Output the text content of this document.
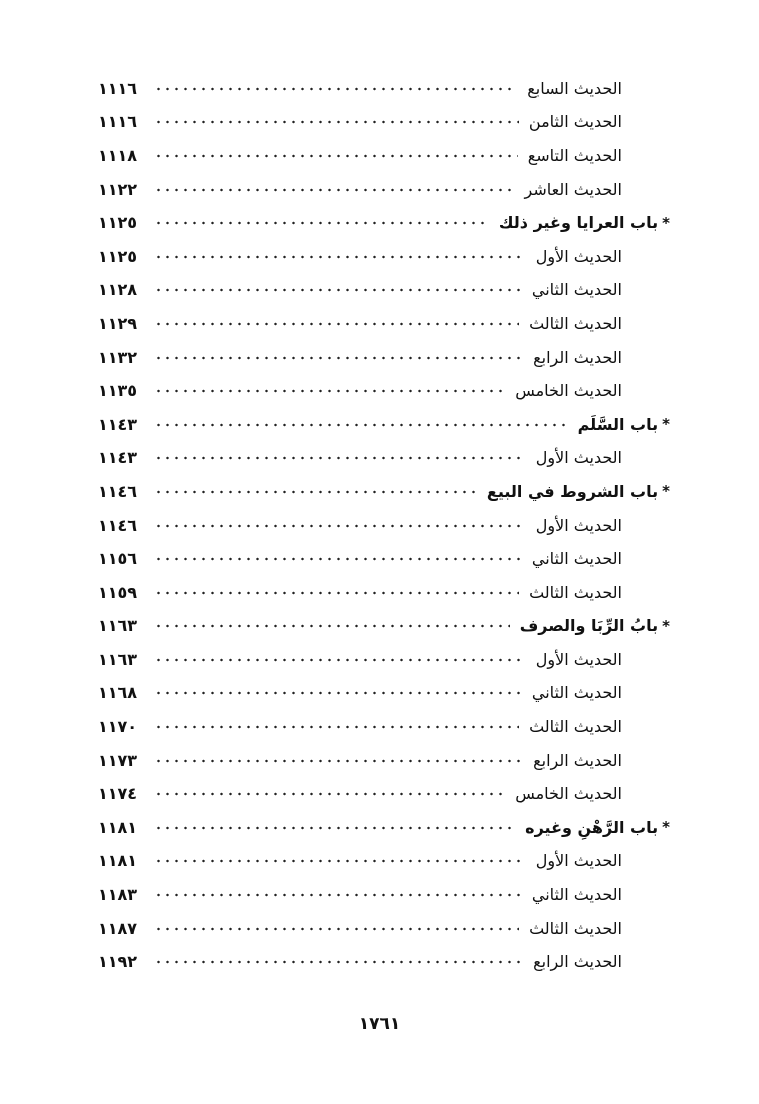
الحديث السابع
١١١٦
الحديث الثامن
١١١٦
الحديث التاسع
١١١٨
الحديث العاشر
١١٢٢
*
باب العرايا وغير ذلك
١١٢٥
الحديث الأول
١١٢٥
الحديث الثاني
١١٢٨
الحديث الثالث
١١٢٩
الحديث الرابع
١١٣٢
الحديث الخامس
١١٣٥
*
باب السَّلَم
١١٤٣
الحديث الأول
١١٤٣
*
باب الشروط في البيع
١١٤٦
الحديث الأول
١١٤٦
الحديث الثاني
١١٥٦
الحديث الثالث
١١٥٩
*
بابُ الرِّبَا والصرف
١١٦٣
الحديث الأول
١١٦٣
الحديث الثاني
١١٦٨
الحديث الثالث
١١٧٠
الحديث الرابع
١١٧٣
الحديث الخامس
١١٧٤
*
باب الرَّهْنِ وغيره
١١٨١
الحديث الأول
١١٨١
الحديث الثاني
١١٨٣
الحديث الثالث
١١٨٧
الحديث الرابع
١١٩٢
١٧٦١
